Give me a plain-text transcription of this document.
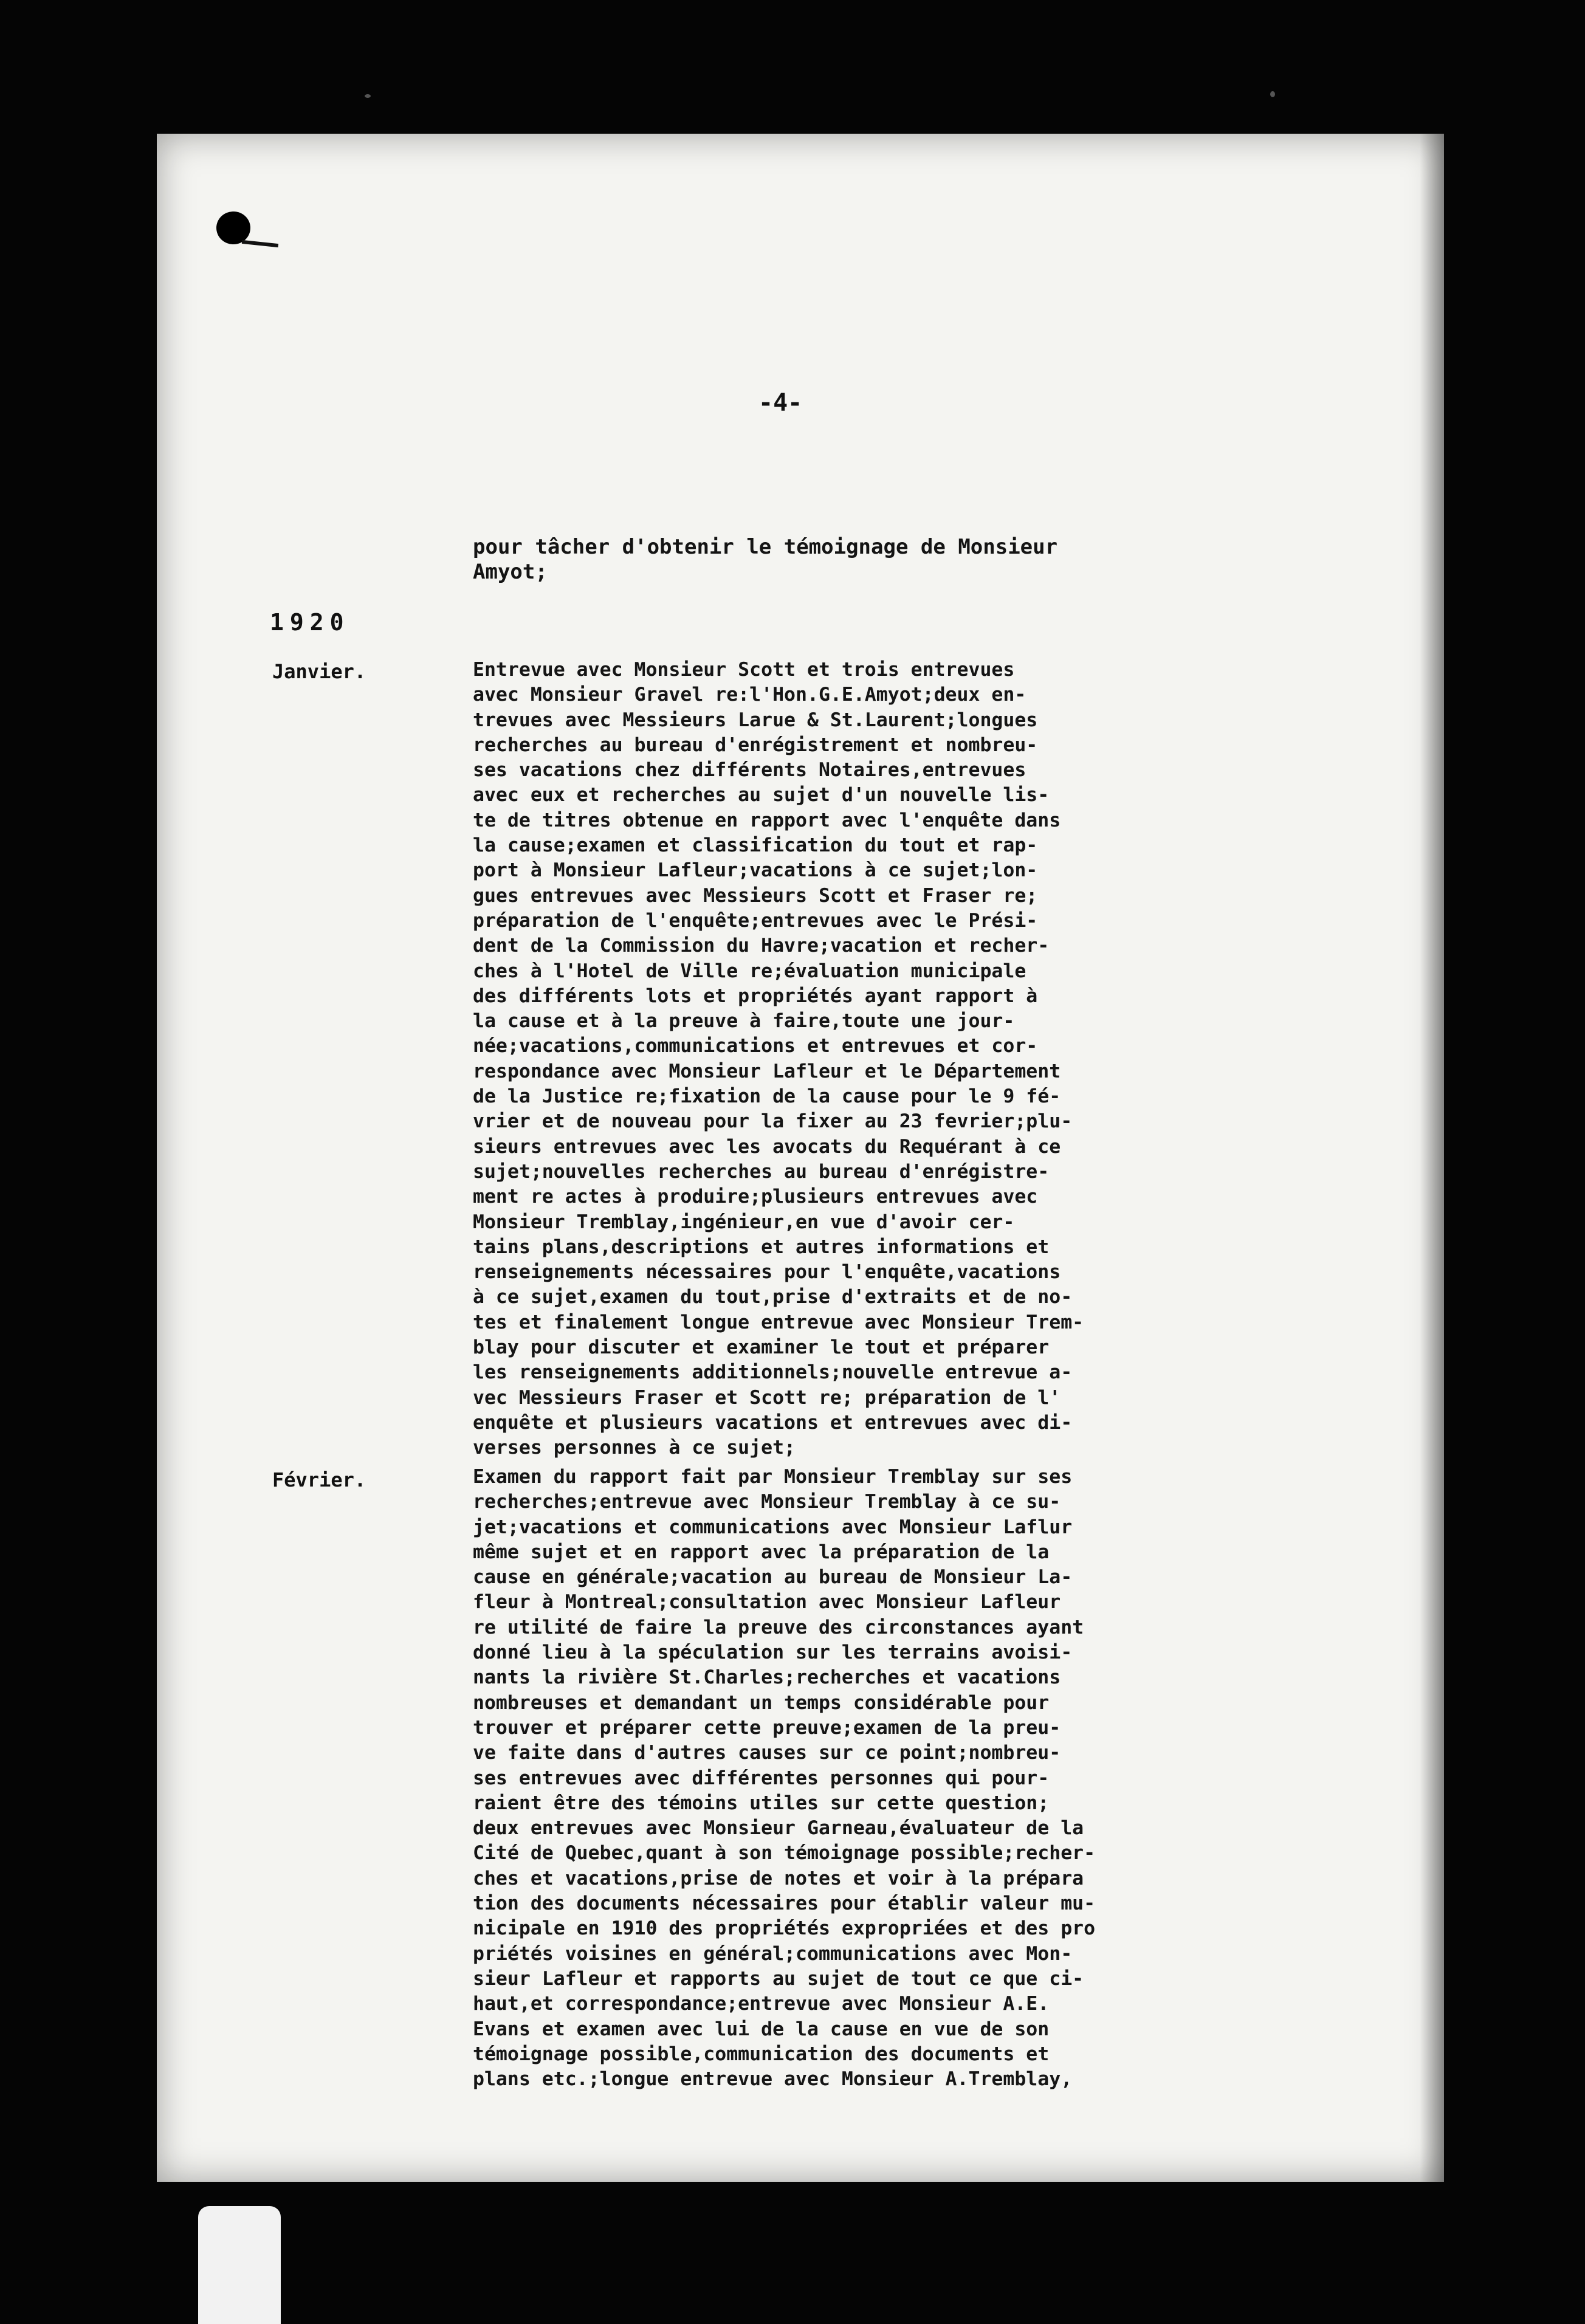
-4-
pour tâcher d'obtenir le témoignage de Monsieur
Amyot;
1920
Janvier.	Entrevue avec Monsieur Scott et trois entrevues
avec Monsieur Gravel re:l'Hon.G.E.Amyot;deux en-
trevues avec Messieurs Larue & St.Laurent;longues
recherches au bureau d'enrégistrement et nombreu-
ses vacations chez différents Notaires,entrevues
avec eux et recherches au sujet d'un nouvelle lis-
te de titres obtenue en rapport avec l'enquête dans
la cause;examen et classification du tout et rap-
port à Monsieur Lafleur;vacations à ce sujet;lon-
gues entrevues avec Messieurs Scott et Fraser re;
préparation de l'enquête;entrevues avec le Prési-
dent de la Commission du Havre;vacation et recher-
ches à l'Hotel de Ville re;évaluation municipale
des différents lots et propriétés ayant rapport à
la cause et à la preuve à faire,toute une jour-
née;vacations,communications et entrevues et cor-
respondance avec Monsieur Lafleur et le Département
de la Justice re;fixation de la cause pour le 9 fé-
vrier et de nouveau pour la fixer au 23 fevrier;plu-
sieurs entrevues avec les avocats du Requérant à ce
sujet;nouvelles recherches au bureau d'enrégistre-
ment re actes à produire;plusieurs entrevues avec
Monsieur Tremblay,ingénieur,en vue d'avoir cer-
tains plans,descriptions et autres informations et
renseignements nécessaires pour l'enquête,vacations
à ce sujet,examen du tout,prise d'extraits et de no-
tes et finalement longue entrevue avec Monsieur Trem-
blay pour discuter et examiner le tout et préparer
les renseignements additionnels;nouvelle entrevue a-
vec Messieurs Fraser et Scott re; préparation de l'
enquête et plusieurs vacations et entrevues avec di-
verses personnes à ce sujet;
Février.	Examen du rapport fait par Monsieur Tremblay sur ses
recherches;entrevue avec Monsieur Tremblay à ce su-
jet;vacations et communications avec Monsieur Laflur
même sujet et en rapport avec la préparation de la
cause en générale;vacation au bureau de Monsieur La-
fleur à Montreal;consultation avec Monsieur Lafleur
re utilité de faire la preuve des circonstances ayant
donné lieu à la spéculation sur les terrains avoisi-
nants la rivière St.Charles;recherches et vacations
nombreuses et demandant un temps considérable pour
trouver et préparer cette preuve;examen de la preu-
ve faite dans d'autres causes sur ce point;nombreu-
ses entrevues avec différentes personnes qui pour-
raient être des témoins utiles sur cette question;
deux entrevues avec Monsieur Garneau,évaluateur de la
Cité de Quebec,quant à son témoignage possible;recher-
ches et vacations,prise de notes et voir à la prépara
tion des documents nécessaires pour établir valeur mu-
nicipale en 1910 des propriétés expropriées et des pro
priétés voisines en général;communications avec Mon-
sieur Lafleur et rapports au sujet de tout ce que ci-
haut,et correspondance;entrevue avec Monsieur A.E.
Evans et examen avec lui de la cause en vue de son
témoignage possible,communication des documents et
plans etc.;longue entrevue avec Monsieur A.Tremblay,
